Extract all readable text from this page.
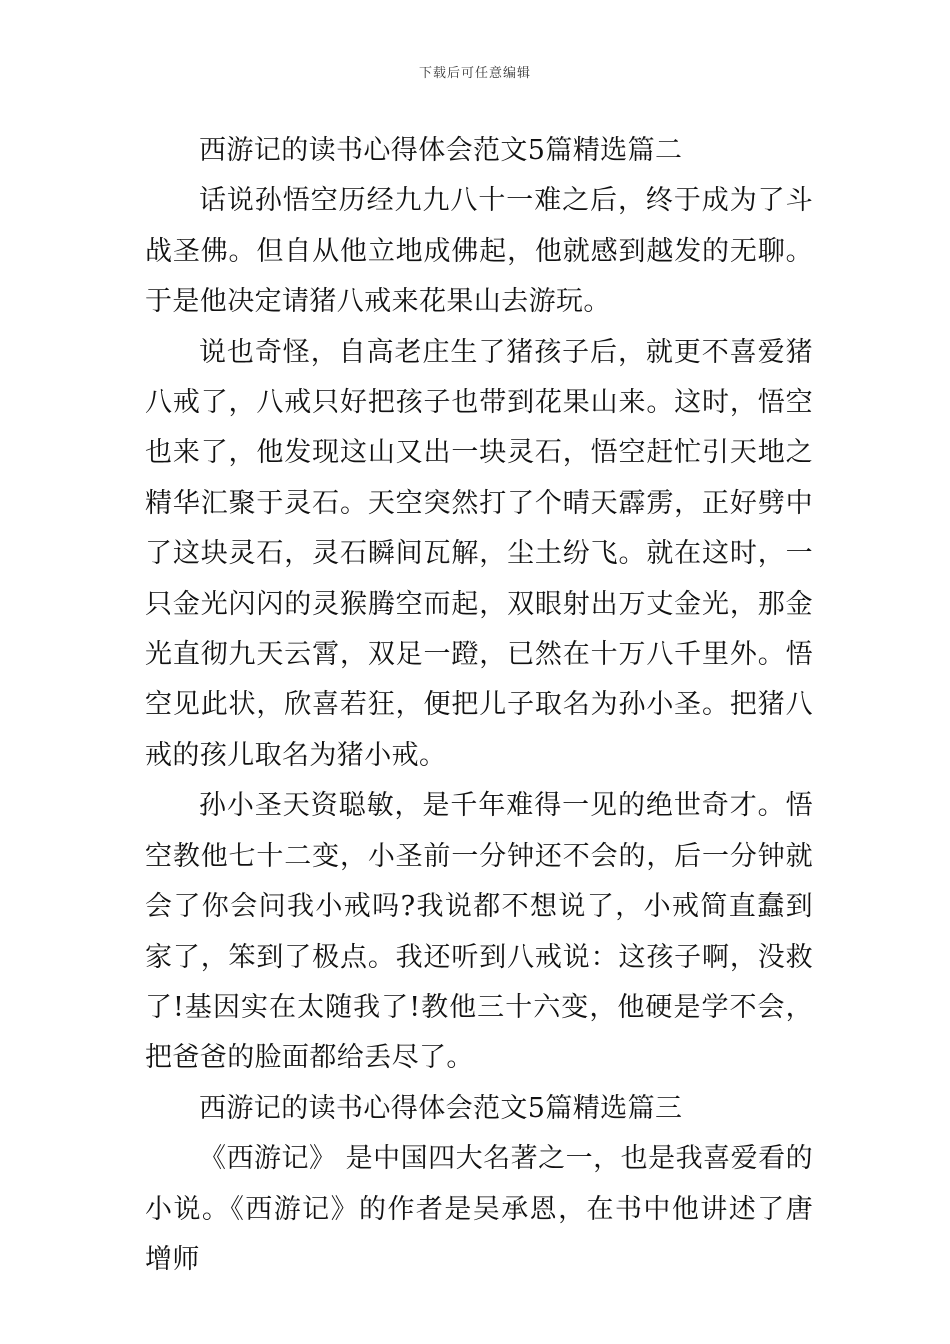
下载后可任意编辑

西游记的读书心得体会范文5篇精选篇二

话说孙悟空历经九九八十一难之后，终于成为了斗战圣佛。但自从他立地成佛起，他就感到越发的无聊。于是他决定请猪八戒来花果山去游玩。

说也奇怪，自高老庄生了猪孩子后，就更不喜爱猪八戒了，八戒只好把孩子也带到花果山来。这时，悟空也来了，他发现这山又出一块灵石，悟空赶忙引天地之精华汇聚于灵石。天空突然打了个晴天霹雳，正好劈中了这块灵石，灵石瞬间瓦解，尘土纷飞。就在这时，一只金光闪闪的灵猴腾空而起，双眼射出万丈金光，那金光直彻九天云霄，双足一蹬，已然在十万八千里外。悟空见此状，欣喜若狂，便把儿子取名为孙小圣。把猪八戒的孩儿取名为猪小戒。

孙小圣天资聪敏，是千年难得一见的绝世奇才。悟空教他七十二变，小圣前一分钟还不会的，后一分钟就会了你会问我小戒吗?我说都不想说了，小戒简直蠢到家了，笨到了极点。我还听到八戒说：这孩子啊，没救了!基因实在太随我了!教他三十六变，他硬是学不会，把爸爸的脸面都给丢尽了。

西游记的读书心得体会范文5篇精选篇三

《西游记》 是中国四大名著之一，也是我喜爱看的小说。《西游记》的作者是吴承恩，在书中他讲述了唐增师
